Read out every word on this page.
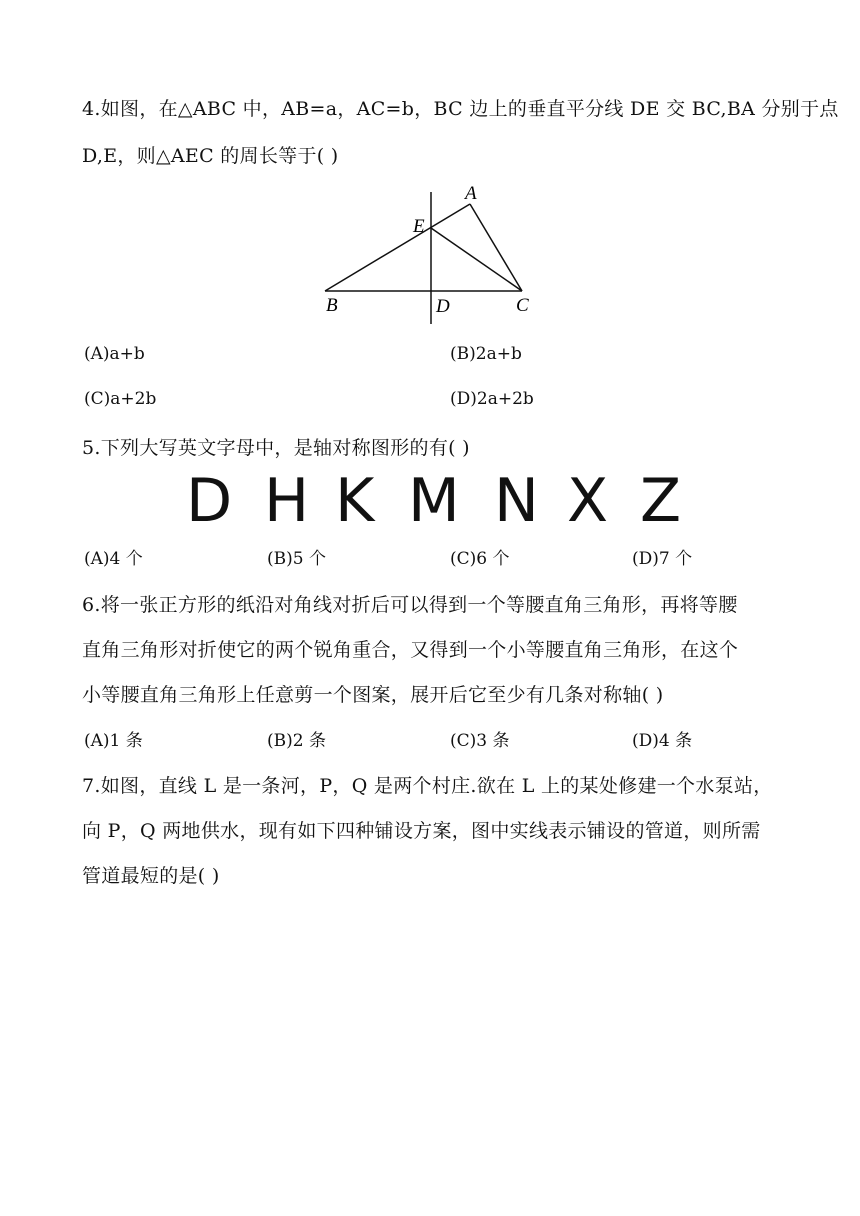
4.如图，在△ABC 中，AB=a，AC=b，BC 边上的垂直平分线 DE 交 BC,BA 分别于点
D,E，则△AEC 的周长等于( )
A
E
B	D	C
(A)a+b	(B)2a+b
(C)a+2b	(D)2a+2b
5.下列大写英文字母中，是轴对称图形的有( )
D H K M N X Z
(A)4 个	(B)5 个	(C)6 个	(D)7 个
6.将一张正方形的纸沿对角线对折后可以得到一个等腰直角三角形，再将等腰
直角三角形对折使它的两个锐角重合，又得到一个小等腰直角三角形，在这个
小等腰直角三角形上任意剪一个图案，展开后它至少有几条对称轴( )
(A)1 条	(B)2 条	(C)3 条	(D)4 条
7.如图，直线 L 是一条河，P，Q 是两个村庄.欲在 L 上的某处修建一个水泵站，
向 P，Q 两地供水，现有如下四种铺设方案，图中实线表示铺设的管道，则所需
管道最短的是( )
